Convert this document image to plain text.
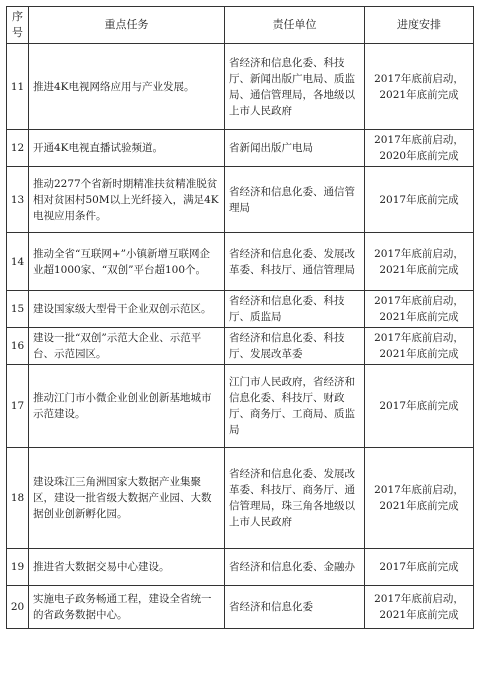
序号	重点任务	责任单位	进度安排
11	推进4K电视网络应用与产业发展。	省经济和信息化委、科技厅、新闻出版广电局、质监局、通信管理局，各地级以上市人民政府	2017年底前启动，
2021年底前完成

12	开通4K电视直播试验频道。	省新闻出版广电局	2017年底前启动，
2020年底前完成

13	推动2277个省新时期精准扶贫精准脱贫相对贫困村50M以上光纤接入，满足4K电视应用条件。	省经济和信息化委、通信管理局	2017年底前完成

14	推动全省“互联网+”小镇新增互联网企业超1000家、“双创”平台超100个。	省经济和信息化委、发展改革委、科技厅、通信管理局	2017年底前启动，
2021年底前完成

15	建设国家级大型骨干企业双创示范区。	省经济和信息化委、科技厅、质监局	2017年底前启动，
2021年底前完成

16	建设一批“双创”示范大企业、示范平台、示范园区。	省经济和信息化委、科技厅、发展改革委	2017年底前启动，
2021年底前完成

17	推动江门市小微企业创业创新基地城市示范建设。	江门市人民政府，省经济和信息化委、科技厅、财政厅、商务厅、工商局、质监局	2017年底前完成

18	建设珠江三角洲国家大数据产业集聚区，建设一批省级大数据产业园、大数据创业创新孵化园。	省经济和信息化委、发展改革委、科技厅、商务厅、通信管理局，珠三角各地级以上市人民政府	2017年底前启动，
2021年底前完成

19	推进省大数据交易中心建设。	省经济和信息化委、金融办	2017年底前完成

20	实施电子政务畅通工程，建设全省统一的省政务数据中心。	省经济和信息化委	2017年底前启动，
2021年底前完成
